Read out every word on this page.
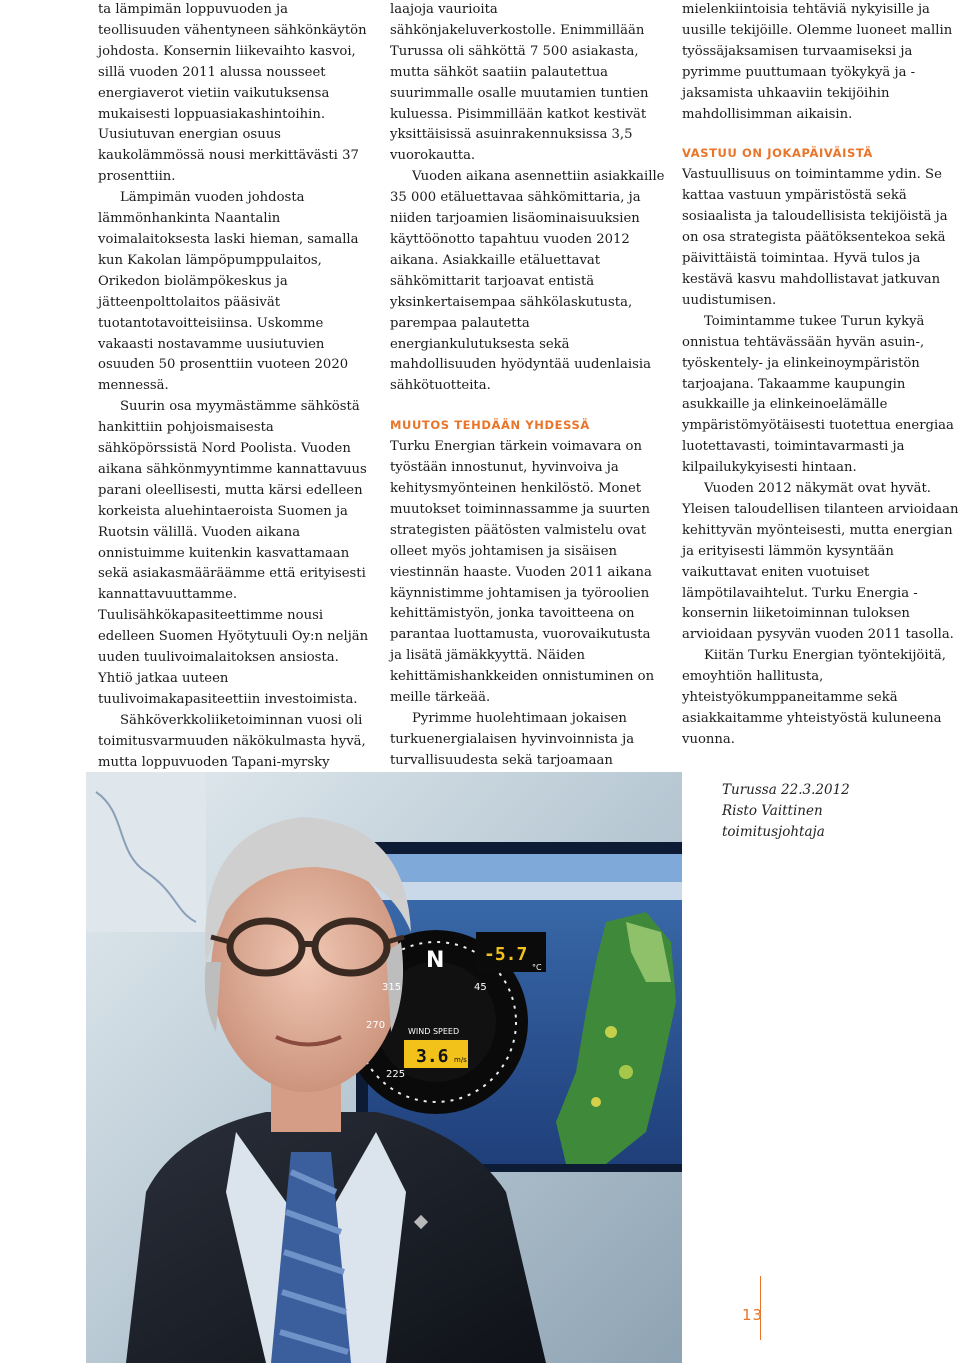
ta lämpimän loppuvuoden ja teollisuuden vähentyneen sähkönkäytön johdosta. Konsernin liikevaihto kasvoi, sillä vuoden 2011 alussa nousseet energiaverot vietiin vaikutuksensa mukaisesti loppuasiakashintoihin. Uusiutuvan energian osuus kaukolämmössä nousi merkittävästi 37 prosenttiin.

Lämpimän vuoden johdosta lämmönhankinta Naantalin voimalaitoksesta laski hieman, samalla kun Kakolan lämpöpumppulaitos, Orikedon biolämpökeskus ja jätteenpolttolaitos pääsivät tuotantotavoitteisiinsa. Uskomme vakaasti nostavamme uusiutuvien osuuden 50 prosenttiin vuoteen 2020 mennessä.

Suurin osa myymästämme sähköstä hankittiin pohjoismaisesta sähköpörssistä Nord Poolista. Vuoden aikana sähkönmyyntimme kannattavuus parani oleellisesti, mutta kärsi edelleen korkeista aluehintaeroista Suomen ja Ruotsin välillä. Vuoden aikana onnistuimme kuitenkin kasvattamaan sekä asiakasmääräämme että erityisesti kannattavuuttamme. Tuulisähkökapasiteettimme nousi edelleen Suomen Hyötytuuli Oy:n neljän uuden tuulivoimalaitoksen ansiosta. Yhtiö jatkaa uuteen tuulivoimakapasiteettiin investoimista.

Sähköverkkoliiketoiminnan vuosi oli toimitusvarmuuden näkökulmasta hyvä, mutta loppuvuoden Tapani-myrsky

laajoja vaurioita sähkönjakeluverkostolle. Enimmillään Turussa oli sähköttä 7 500 asiakasta, mutta sähköt saatiin palautettua suurimmalle osalle muutamien tuntien kuluessa. Pisimmillään katkot kestivät yksittäisissä asuinrakennuksissa 3,5 vuorokautta.

Vuoden aikana asennettiin asiakkaille 35 000 etäluettavaa sähkömittaria, ja niiden tarjoamien lisäominaisuuksien käyttöönotto tapahtuu vuoden 2012 aikana. Asiakkaille etäluettavat sähkömittarit tarjoavat entistä yksinkertaisempaa sähkölaskutusta, parempaa palautetta energiankulutuksesta sekä mahdollisuuden hyödyntää uudenlaisia sähkötuotteita.

MUUTOS TEHDÄÄN YHDESSÄ

Turku Energian tärkein voimavara on työstään innostunut, hyvinvoiva ja kehitysmyönteinen henkilöstö. Monet muutokset toiminnassamme ja suurten strategisten päätösten valmistelu ovat olleet myös johtamisen ja sisäisen viestinnän haaste. Vuoden 2011 aikana käynnistimme johtamisen ja työroolien kehittämistyön, jonka tavoitteena on parantaa luottamusta, vuorovaikutusta ja lisätä jämäkkyyttä. Näiden kehittämishankkeiden onnistuminen on meille tärkeää.

Pyrimme huolehtimaan jokaisen turkuenergialaisen hyvinvoinnista ja turvallisuudesta sekä tarjoamaan

mielenkiintoisia tehtäviä nykyisille ja uusille tekijöille. Olemme luoneet mallin työssäjaksamisen turvaamiseksi ja pyrimme puuttumaan työkykyä ja -jaksamista uhkaaviin tekijöihin mahdollisimman aikaisin.

VASTUU ON JOKAPÄIVÄISTÄ

Vastuullisuus on toimintamme ydin. Se kattaa vastuun ympäristöstä sekä sosiaalista ja taloudellisista tekijöistä ja on osa strategista päätöksentekoa sekä päivittäistä toimintaa. Hyvä tulos ja kestävä kasvu mahdollistavat jatkuvan uudistumisen.

Toimintamme tukee Turun kykyä onnistua tehtävässään hyvän asuin-, työskentely- ja elinkeinoympäristön tarjoajana. Takaamme kaupungin asukkaille ja elinkeinoelämälle ympäristömyötäisesti tuotettua energiaa luotettavasti, toimintavarmasti ja kilpailukykyisesti hintaan.

Vuoden 2012 näkymät ovat hyvät. Yleisen taloudellisen tilanteen arvioidaan kehittyvän myönteisesti, mutta energian ja erityisesti lämmön kysyntään vaikuttavat eniten vuotuiset lämpötilavaihtelut. Turku Energia -konsernin liiketoiminnan tuloksen arvioidaan pysyvän vuoden 2011 tasolla.

Kiitän Turku Energian työntekijöitä, emoyhtiön hallitusta, yhteistyökumppaneitamme sekä asiakkaitamme yhteistyöstä kuluneena vuonna.

N
315	45
270
225
WIND SPEED
3.6 m/s
-5.7
°C
Turussa 22.3.2012
Risto Vaittinen
toimitusjohtaja
13
